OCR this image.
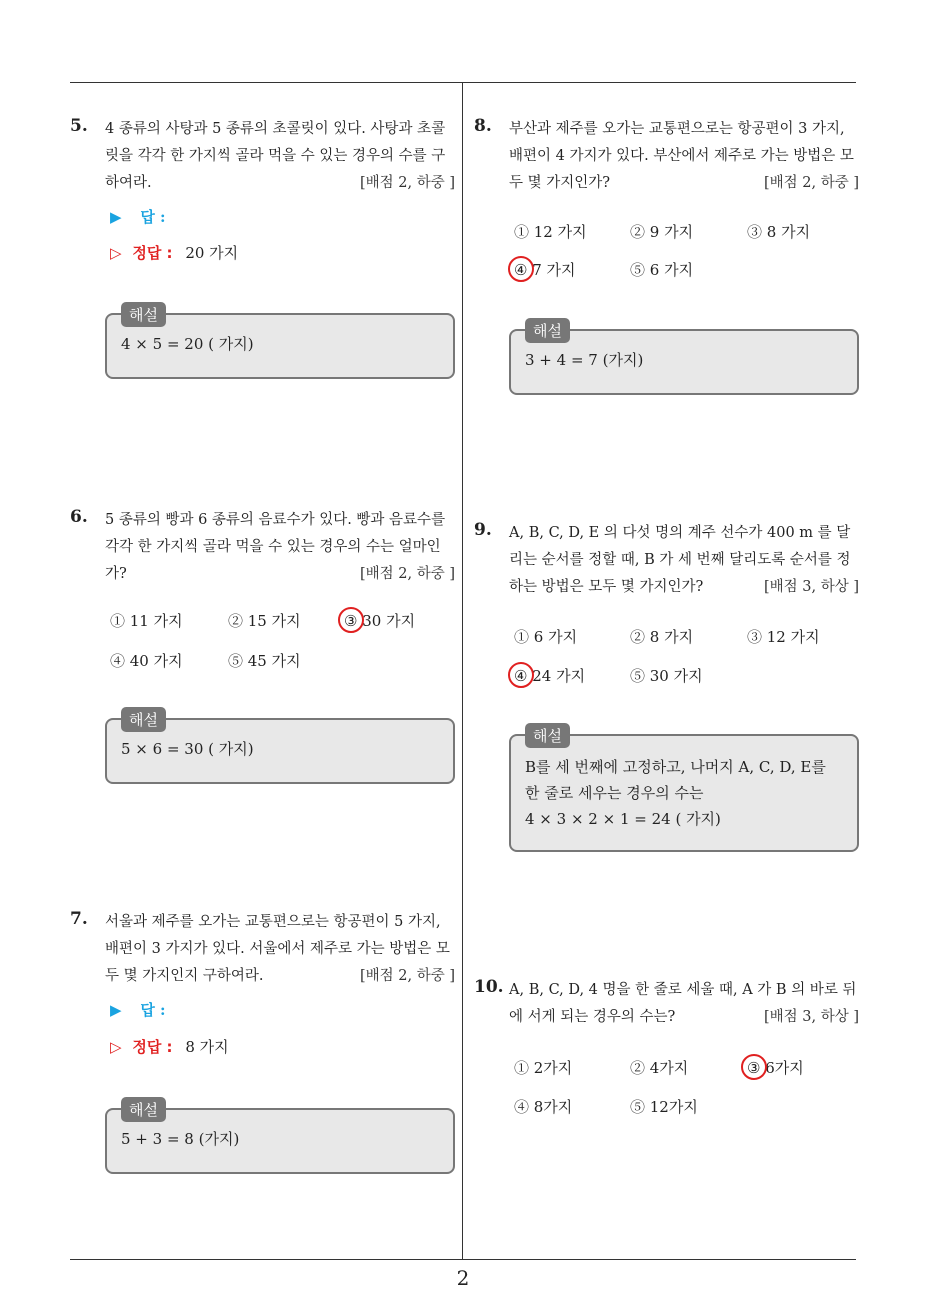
2
5. 4 종류의 사탕과 5 종류의 초콜릿이 있다. 사탕과 초콜릿을 각각 한 가지씩 골라 먹을 수 있는 경우의 수를 구하여라.	[배점 2, 하중 ]
▶ 답 :
▷ 정답 : 20 가지
해설
4 × 5 = 20 ( 가지)
6. 5 종류의 빵과 6 종류의 음료수가 있다. 빵과 음료수를 각각 한 가지씩 골라 먹을 수 있는 경우의 수는 얼마인가?	[배점 2, 하중 ]
① 11 가지	② 15 가지	③ 30 가지
④ 40 가지	⑤ 45 가지
해설
5 × 6 = 30 ( 가지)
7. 서울과 제주를 오가는 교통편으로는 항공편이 5 가지, 배편이 3 가지가 있다. 서울에서 제주로 가는 방법은 모두 몇 가지인지 구하여라.	[배점 2, 하중 ]
▶ 답 :
▷ 정답 : 8 가지
해설
5 + 3 = 8 (가지)
8. 부산과 제주를 오가는 교통편으로는 항공편이 3 가지, 배편이 4 가지가 있다. 부산에서 제주로 가는 방법은 모두 몇 가지인가?	[배점 2, 하중 ]
① 12 가지	② 9 가지	③ 8 가지
④ 7 가지	⑤ 6 가지
해설
3 + 4 = 7 (가지)
9. A, B, C, D, E 의 다섯 명의 계주 선수가 400 m 를 달리는 순서를 정할 때, B 가 세 번째 달리도록 순서를 정하는 방법은 모두 몇 가지인가?	[배점 3, 하상 ]
① 6 가지	② 8 가지	③ 12 가지
④ 24 가지	⑤ 30 가지
해설
B를 세 번째에 고정하고, 나머지 A, C, D, E를
한 줄로 세우는 경우의 수는
4 × 3 × 2 × 1 = 24 ( 가지)
10. A, B, C, D, 4 명을 한 줄로 세울 때, A 가 B 의 바로 뒤에 서게 되는 경우의 수는?	[배점 3, 하상 ]
① 2가지	② 4가지	③ 6가지
④ 8가지	⑤ 12가지
